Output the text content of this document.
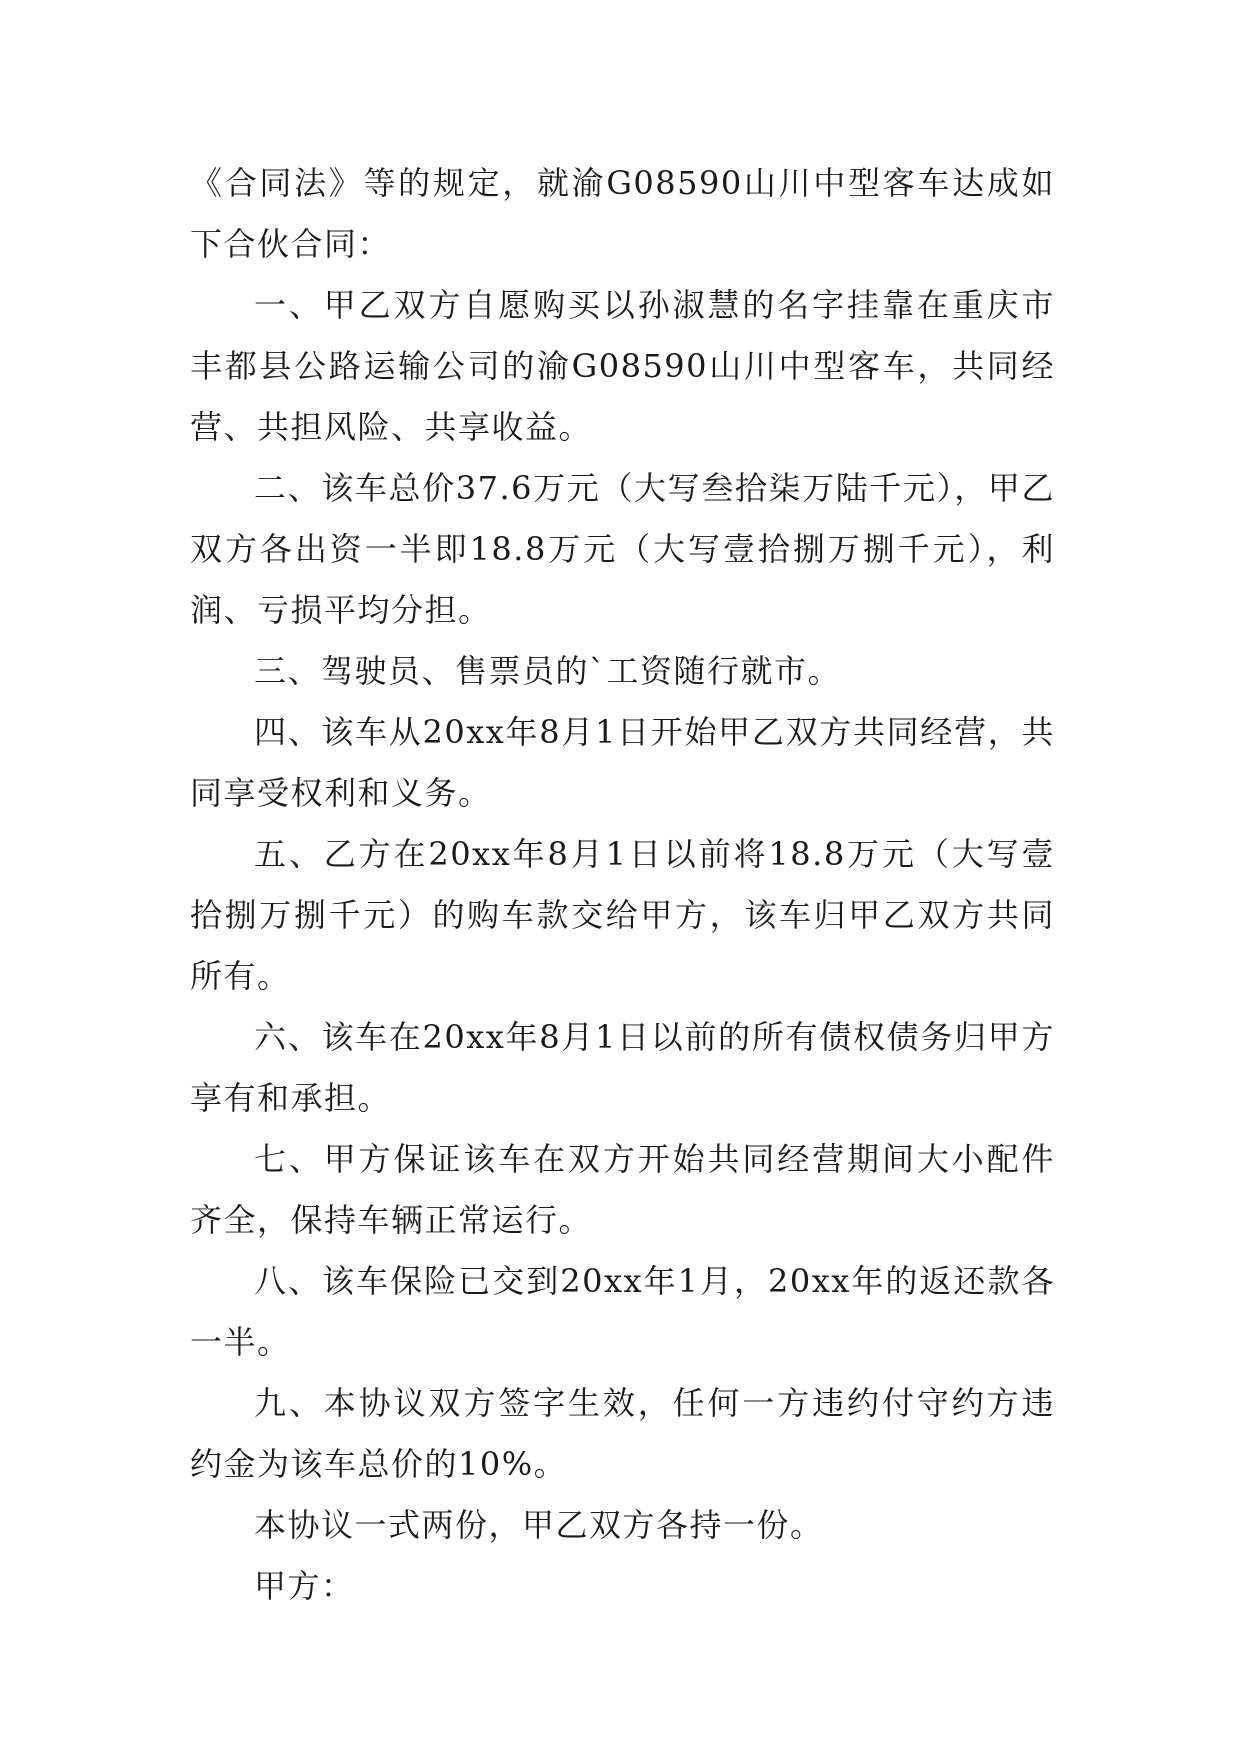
《合同法》等的规定，就渝G08590山川中型客车达成如下合伙合同：

一、甲乙双方自愿购买以孙淑慧的名字挂靠在重庆市丰都县公路运输公司的渝G08590山川中型客车，共同经营、共担风险、共享收益。

二、该车总价37.6万元（大写叁拾柒万陆千元），甲乙双方各出资一半即18.8万元（大写壹拾捌万捌千元），利润、亏损平均分担。

三、驾驶员、售票员的`工资随行就市。

四、该车从20xx年8月1日开始甲乙双方共同经营，共同享受权利和义务。

五、乙方在20xx年8月1日以前将18.8万元（大写壹拾捌万捌千元）的购车款交给甲方，该车归甲乙双方共同所有。

六、该车在20xx年8月1日以前的所有债权债务归甲方享有和承担。

七、甲方保证该车在双方开始共同经营期间大小配件齐全，保持车辆正常运行。

八、该车保险已交到20xx年1月，20xx年的返还款各一半。

九、本协议双方签字生效，任何一方违约付守约方违约金为该车总价的10%。

本协议一式两份，甲乙双方各持一份。

甲方：
